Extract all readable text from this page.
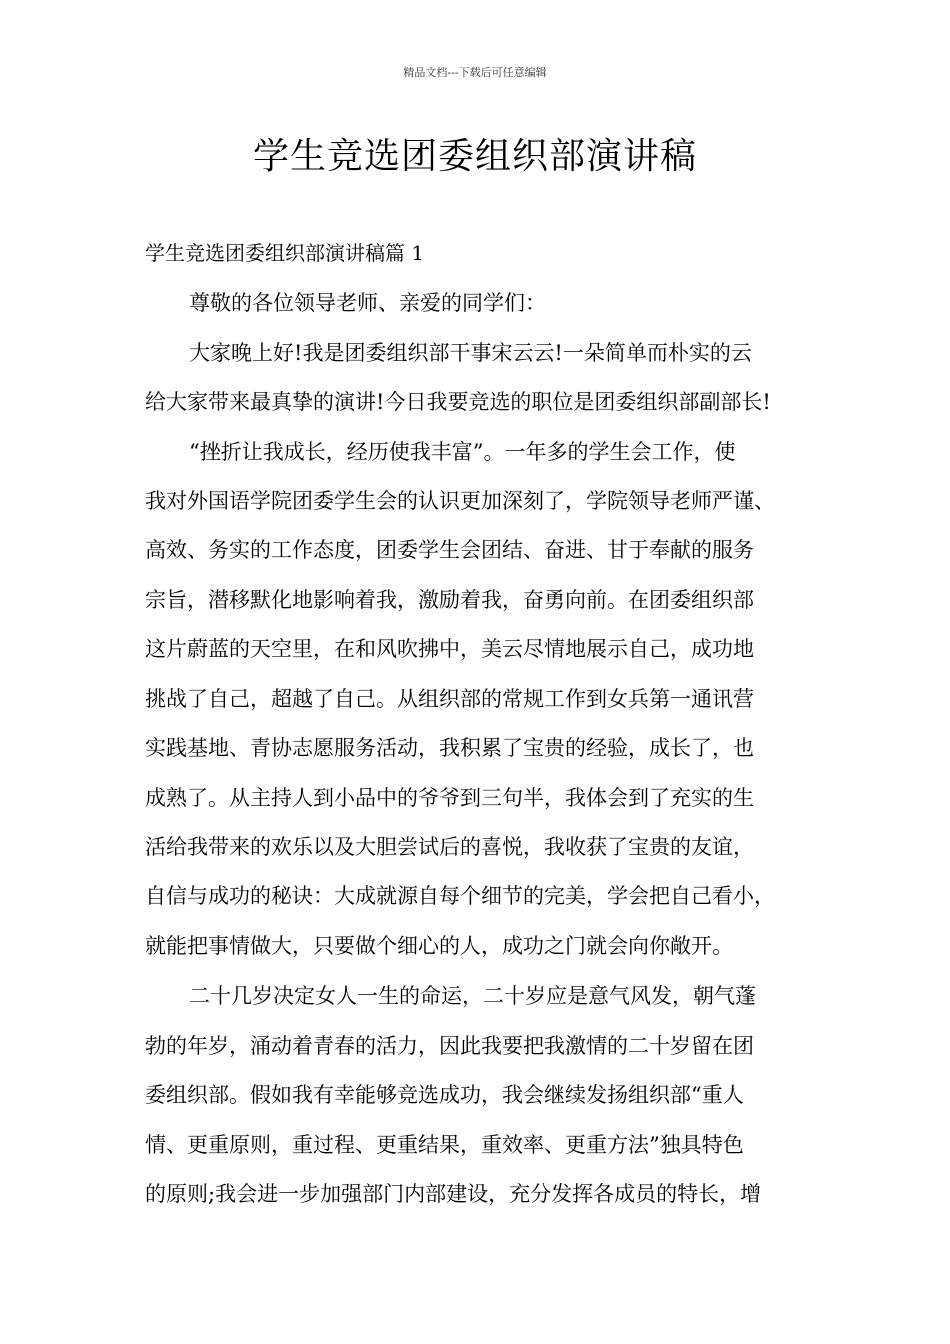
精品文档---下载后可任意编辑
学生竞选团委组织部演讲稿
学生竞选团委组织部演讲稿篇 1
尊敬的各位领导老师、亲爱的同学们：
大家晚上好!我是团委组织部干事宋云云!一朵简单而朴实的云
给大家带来最真挚的演讲!今日我要竞选的职位是团委组织部副部长!
“挫折让我成长，经历使我丰富”。一年多的学生会工作，使
我对外国语学院团委学生会的认识更加深刻了，学院领导老师严谨、
高效、务实的工作态度，团委学生会团结、奋进、甘于奉献的服务
宗旨，潜移默化地影响着我，激励着我，奋勇向前。在团委组织部
这片蔚蓝的天空里，在和风吹拂中，美云尽情地展示自己，成功地
挑战了自己，超越了自己。从组织部的常规工作到女兵第一通讯营
实践基地、青协志愿服务活动，我积累了宝贵的经验，成长了，也
成熟了。从主持人到小品中的爷爷到三句半，我体会到了充实的生
活给我带来的欢乐以及大胆尝试后的喜悦，我收获了宝贵的友谊，
自信与成功的秘诀：大成就源自每个细节的完美，学会把自己看小，
就能把事情做大，只要做个细心的人，成功之门就会向你敞开。
二十几岁决定女人一生的命运，二十岁应是意气风发，朝气蓬
勃的年岁，涌动着青春的活力，因此我要把我激情的二十岁留在团
委组织部。假如我有幸能够竞选成功，我会继续发扬组织部“重人
情、更重原则，重过程、更重结果，重效率、更重方法”独具特色
的原则;我会进一步加强部门内部建设，充分发挥各成员的特长，增
